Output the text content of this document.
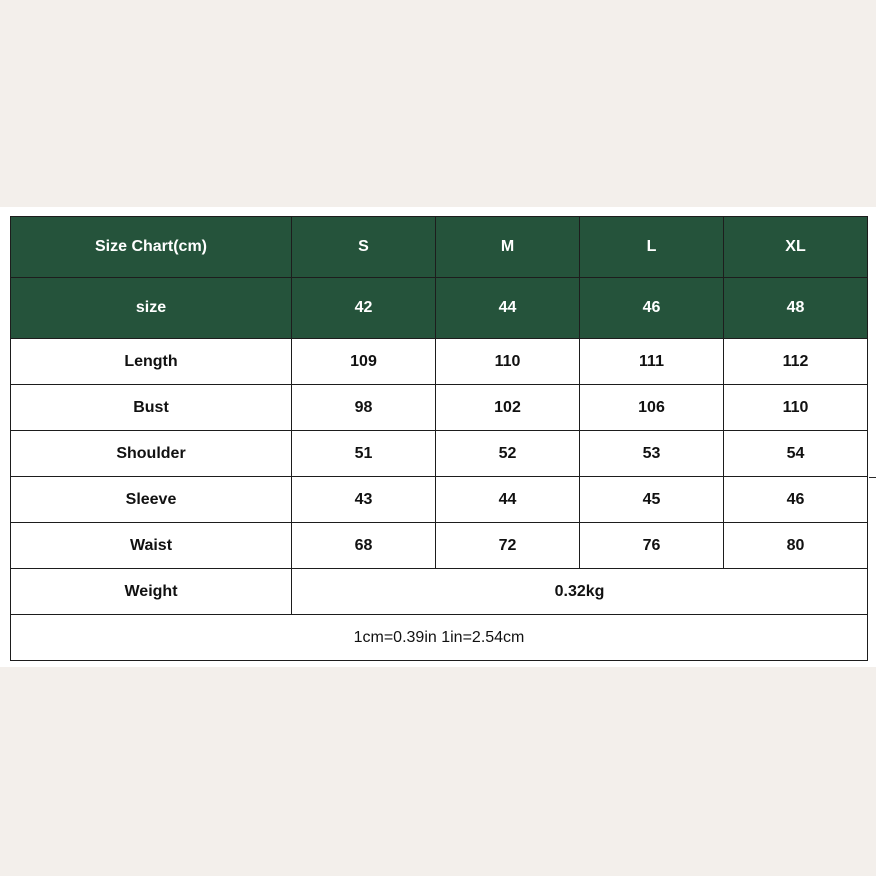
Size Chart(cm)	S	M	L	XL
size	42	44	46	48
Length	109	110	111	112
Bust	98	102	106	110
Shoulder	51	52	53	54
Sleeve	43	44	45	46
Waist	68	72	76	80
Weight	0.32kg			
1cm=0.39in 1in=2.54cm				
